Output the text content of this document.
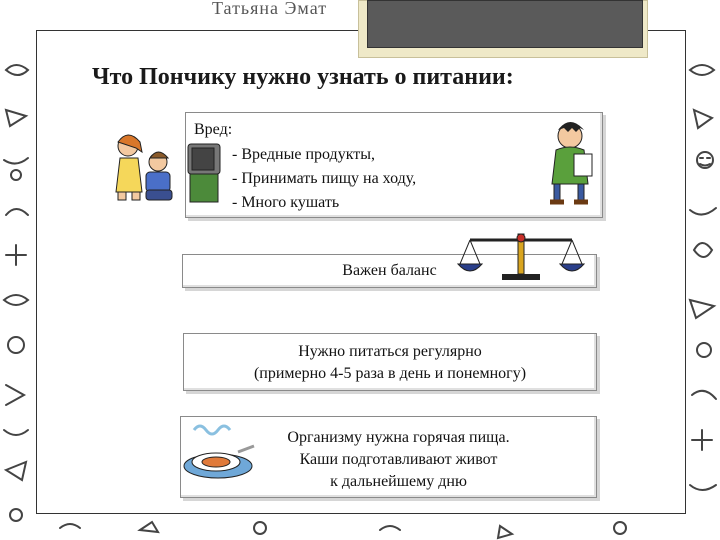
Татьяна Эмат
Что Пончику нужно узнать о питании:
Вред:
- Вредные продукты,
- Принимать пищу на ходу,
- Много кушать
Важен баланс
Нужно питаться регулярно
(примерно 4-5 раза в день и понемногу)
Организму нужна горячая пища.
Каши подготавливают живот
к дальнейшему дню
